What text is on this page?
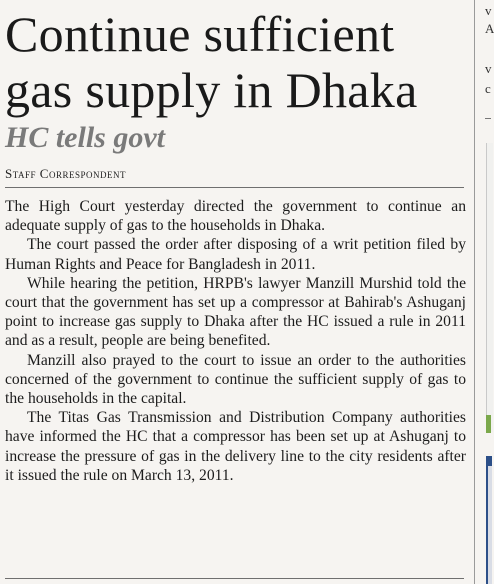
Continue sufficient
gas supply in Dhaka
HC tells govt
Staff Correspondent

The High Court yesterday directed the government to continue an adequate supply of gas to the households in Dhaka.

The court passed the order after disposing of a writ petition filed by Human Rights and Peace for Bangladesh in 2011.

While hearing the petition, HRPB's lawyer Manzill Murshid told the court that the government has set up a compressor at Bahirab's Ashuganj point to increase gas supply to Dhaka after the HC issued a rule in 2011 and as a result, people are being benefited.

Manzill also prayed to the court to issue an order to the authorities concerned of the government to continue the sufficient supply of gas to the households in the capital.

The Titas Gas Transmission and Distribution Company authorities have informed the HC that a compressor has been set up at Ashuganj to increase the pressure of gas in the delivery line to the city residents after it issued the rule on March 13, 2011.

v
A
v
c
